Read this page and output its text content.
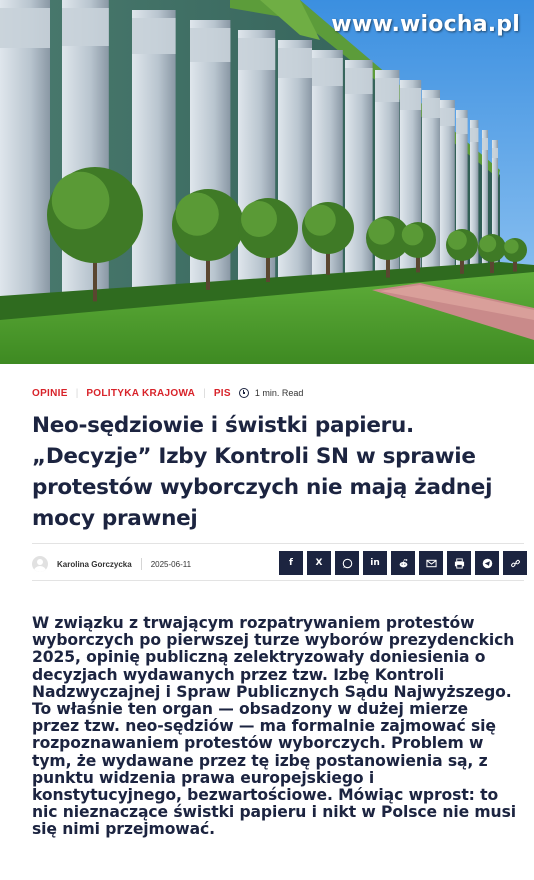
www.wiocha.pl
OPINIE | POLITYKA KRAJOWA | PIS	1 min. Read
Neo-sędziowie i świstki papieru. „Decyzje” Izby Kontroli SN w sprawie protestów wyborczych nie mają żadnej mocy prawnej
Karolina Gorczycka 2025-06-11	f	X	in

W związku z trwającym rozpatrywaniem protestów wyborczych po pierwszej turze wyborów prezydenckich 2025, opinię publiczną zelektryzowały doniesienia o decyzjach wydawanych przez tzw. Izbę Kontroli Nadzwyczajnej i Spraw Publicznych Sądu Najwyższego. To właśnie ten organ — obsadzony w dużej mierze przez tzw. neo-sędziów — ma formalnie zajmować się rozpoznawaniem protestów wyborczych. Problem w tym, że wydawane przez tę izbę postanowienia są, z punktu widzenia prawa europejskiego i konstytucyjnego, bezwartościowe. Mówiąc wprost: to nic nieznaczące świstki papieru i nikt w Polsce nie musi się nimi przejmować.
